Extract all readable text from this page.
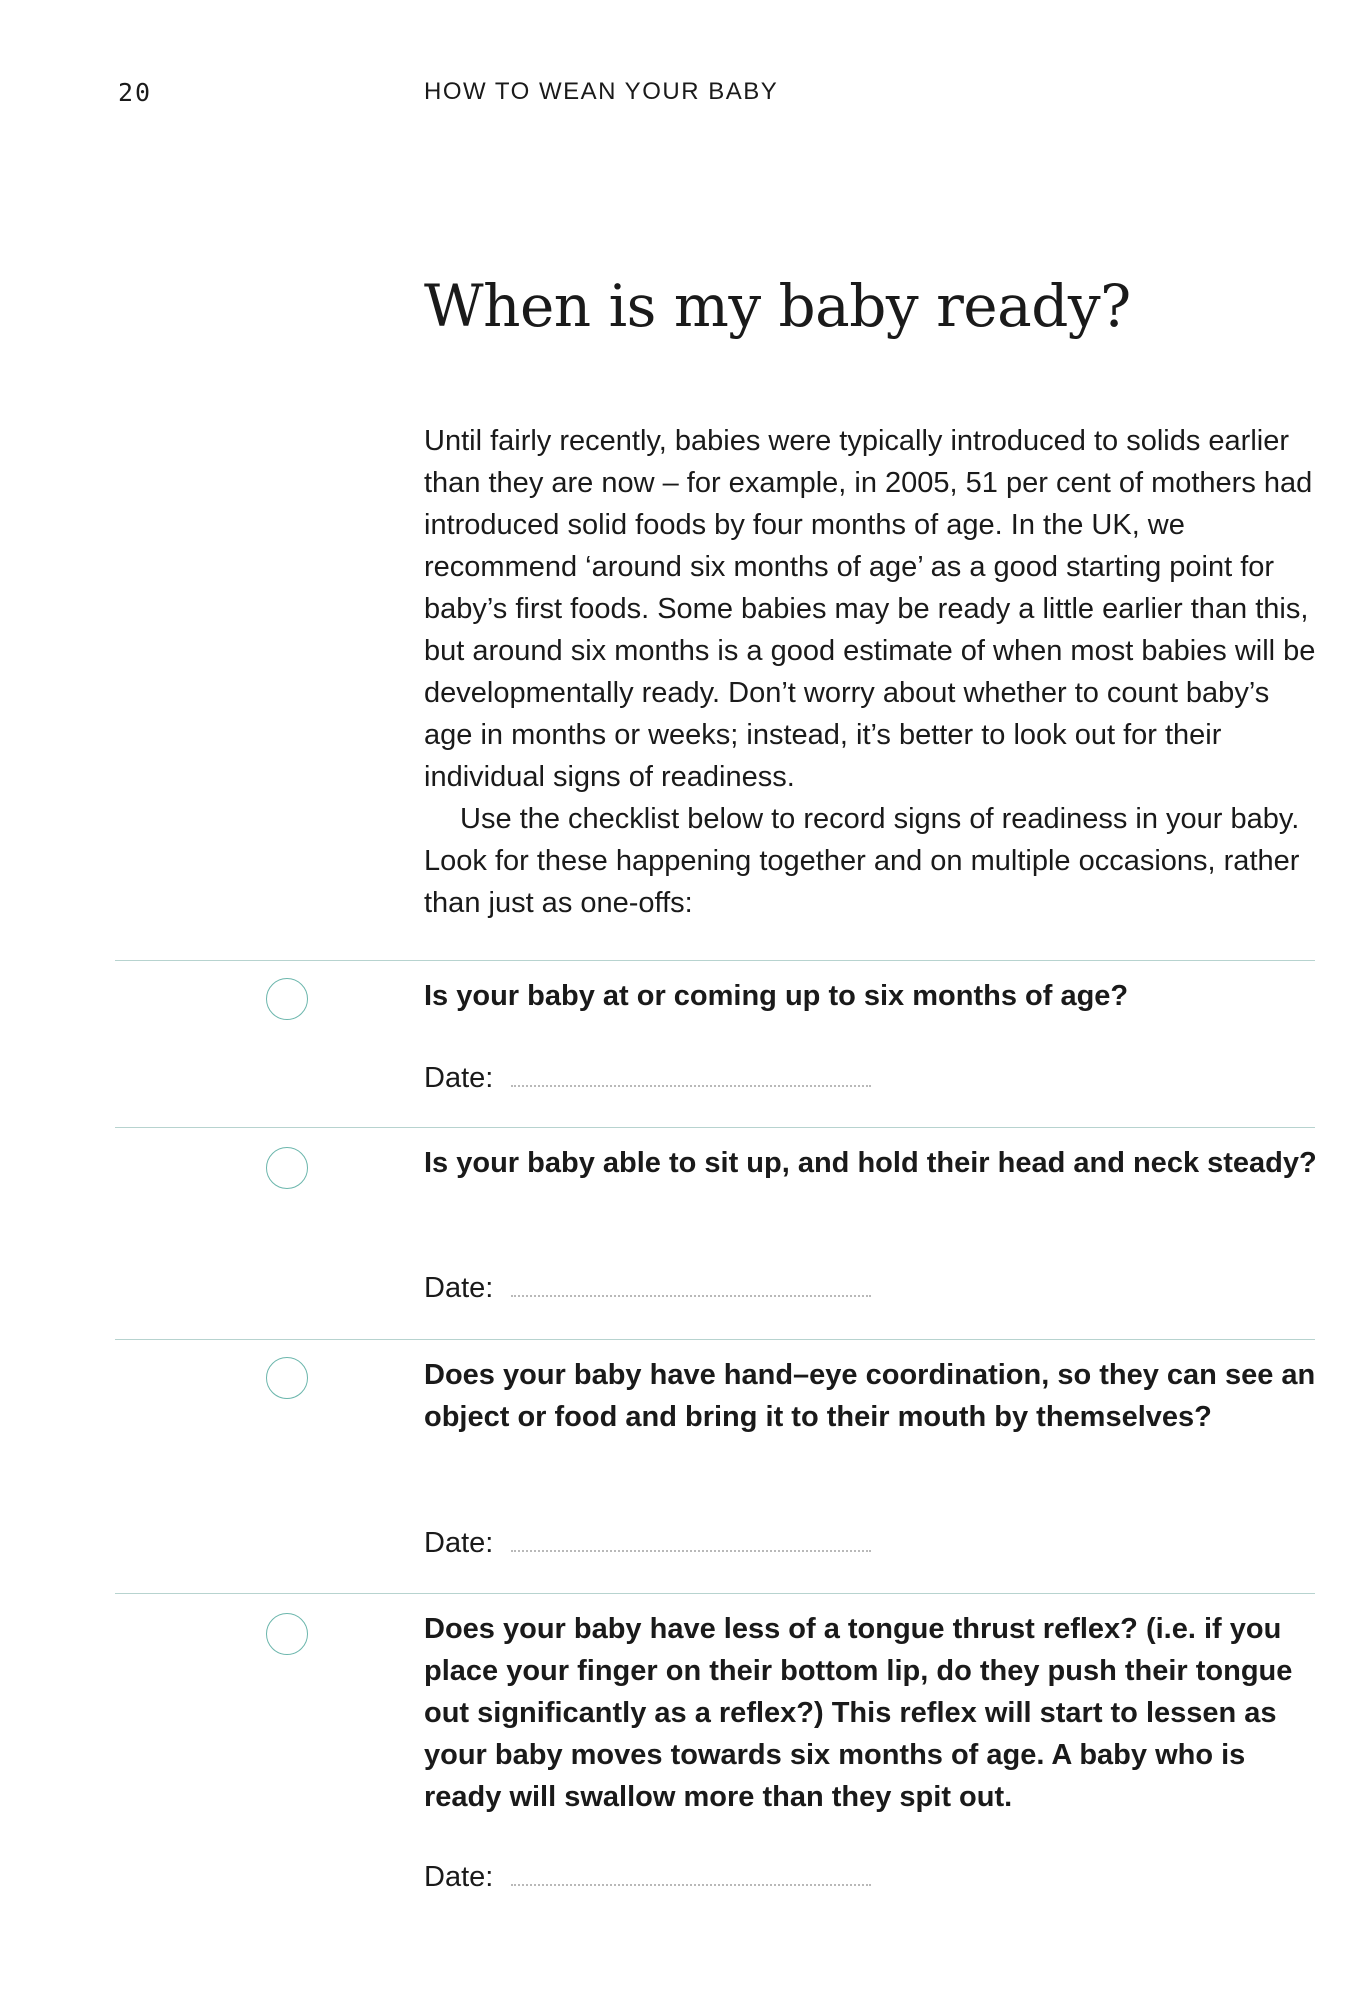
20	HOW TO WEAN YOUR BABY
When is my baby ready?

Until fairly recently, babies were typically introduced to solids earlier than they are now – for example, in 2005, 51 per cent of mothers had introduced solid foods by four months of age. In the UK, we recommend ‘around six months of age’ as a good starting point for baby’s first foods. Some babies may be ready a little earlier than this, but around six months is a good estimate of when most babies will be developmentally ready. Don’t worry about whether to count baby’s age in months or weeks; instead, it’s better to look out for their individual signs of readiness.

Use the checklist below to record signs of readiness in your baby. Look for these happening together and on multiple occasions, rather than just as one-offs:

Is your baby at or coming up to six months of age?

Date:

Is your baby able to sit up, and hold their head and neck steady?

Date:

Does your baby have hand–eye coordination, so they can see an object or food and bring it to their mouth by themselves?

Date:

Does your baby have less of a tongue thrust reflex? (i.e. if you place your finger on their bottom lip, do they push their tongue out significantly as a reflex?) This reflex will start to lessen as your baby moves towards six months of age. A baby who is ready will swallow more than they spit out.

Date:
